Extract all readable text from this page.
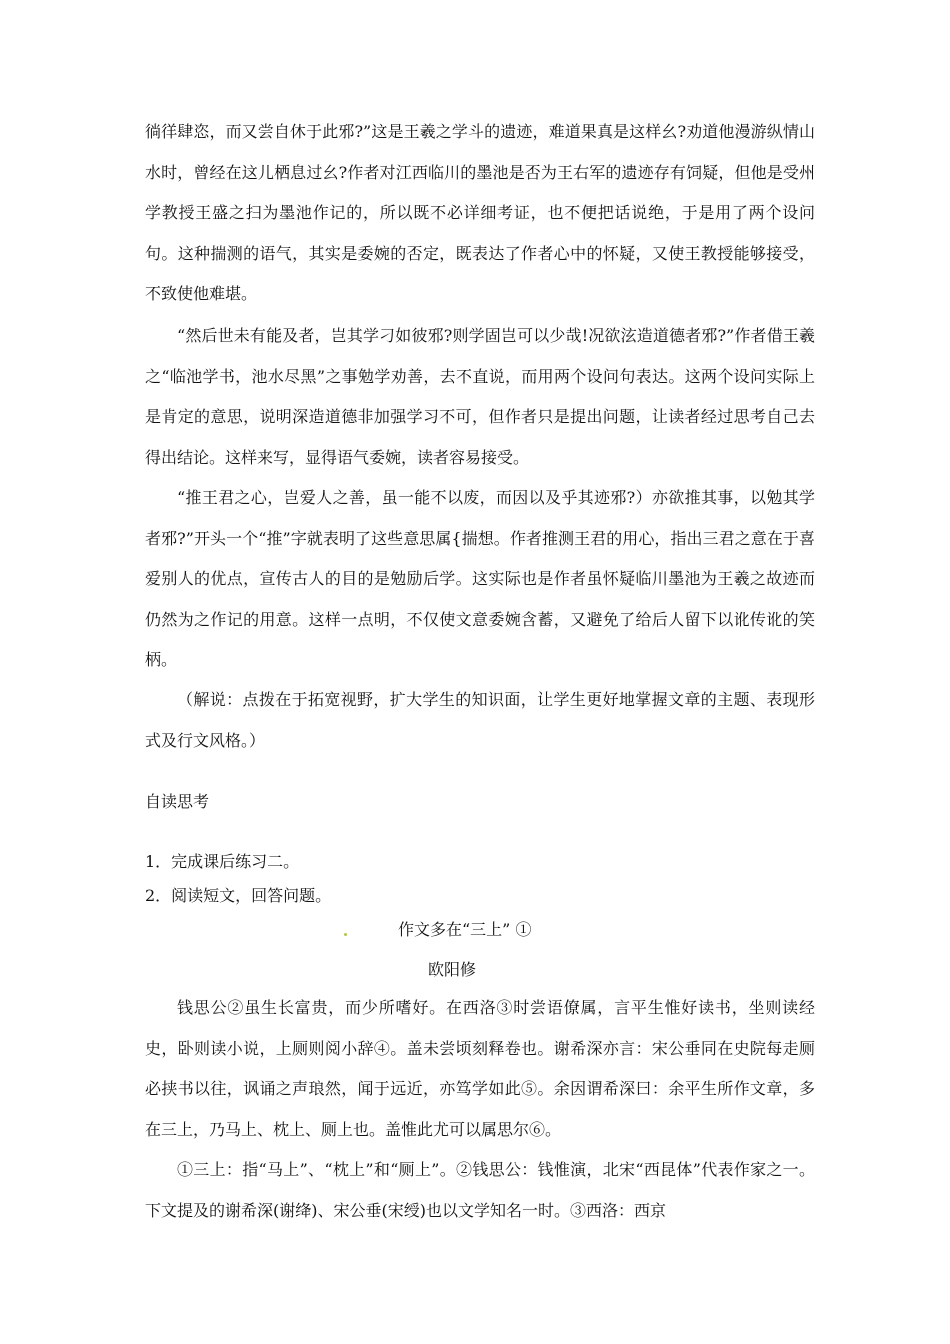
徜徉肆恣，而又尝自休于此邪?”这是王羲之学斗的遗迹，难道果真是这样幺?劝道他漫游纵情山水时，曾经在这儿栖息过幺?作者对江西临川的墨池是否为王右军的遗迹存有饲疑，但他是受州学教授王盛之扫为墨池作记的，所以既不必详细考证，也不便把话说绝，于是用了两个设问句。这种揣测的语气，其实是委婉的否定，既表达了作者心中的怀疑，又使王教授能够接受，不致使他难堪。

“然后世未有能及者，岂其学刁如彼邪?则学固岂可以少哉!况欲泫造道德者邪?”作者借王羲之“临池学书，池水尽黑”之事勉学劝善，去不直说，而用两个设问句表达。这两个设问实际上是肯定的意思，说明深造道德非加强学习不可，但作者只是提出问题，让读者经过思考自己去得出结论。这样来写，显得语气委婉，读者容易接受。

“推王君之心，岂爱人之善，虽一能不以废，而因以及乎其迹邪?）亦欲推其事，以勉其学者邪?”开头一个“推”字就表明了这些意思属{揣想。作者推测王君的用心，指出三君之意在于喜爱别人的优点，宣传古人的目的是勉励后学。这实际也是作者虽怀疑临川墨池为王羲之故迹而仍然为之作记的用意。这样一点明，不仅使文意委婉含蓄，又避免了给后人留下以讹传讹的笑柄。

（解说：点拨在于拓宽视野，扩大学生的知识面，让学生更好地掌握文章的主题、表现形式及行文风格。）

自读思考

1．完成课后练习二。

2．阅读短文，回答问题。

作文多在“三上” ①

欧阳修

钱思公②虽生长富贵，而少所嗜好。在西洛③时尝语僚属，言平生惟好读书，坐则读经史，卧则读小说，上厕则阅小辞④。盖未尝顷刻释卷也。谢希深亦言：宋公垂同在史院每走厕必挟书以往，讽诵之声琅然，闻于远近，亦笃学如此⑤。余因谓希深曰：余平生所作文章，多在三上，乃马上、枕上、厕上也。盖惟此尤可以属思尔⑥。

①三上：指“马上”、“枕上”和“厕上”。②钱思公：钱惟演，北宋“西昆体”代表作家之一。下文提及的谢希深(谢绛)、宋公垂(宋绶)也以文学知名一时。③西洛：西京
